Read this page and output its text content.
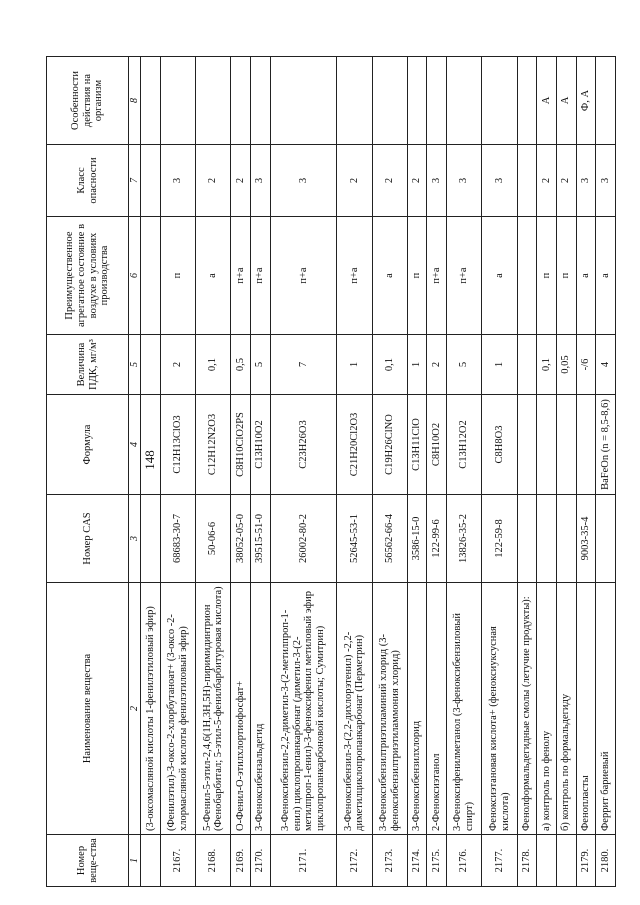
148
Номер веще-ства	Наименование вещества	Номер CAS	Формула	Величина ПДК, мг/м³	Преимущественное агрегатное состояние в воздухе в условиях производства	Класс опасности	Особенности действия на организм
1	2	3	4	5	6	7	8
	(3-оксомасляной кислоты 1-фенилэтиловый эфир)						
2167.	(Фенилэтил)-3-оксо-2-хлорбутаноат+ (3-оксо -2- хлормасляной кислоты фенилэтиловый эфир)	68683-30-7	C12H13ClO3	2	п	3	
2168.	5-Фенил-5-этил-2,4,6(1Н,3Н,5Н)-пиримидинтрион (Фенобарбитал; 5-этил-5-фенилбарбитуровая кислота)	50-06-6	C12H12N2O3	0,1	а	2	
2169.	О-Фенил-О-этилхлортиофосфат+	38052-05-0	C8H10ClO2PS	0,5	п+а	2	
2170.	3-Феноксибензальдегид	39515-51-0	C13H10O2	5	п+а	3	
2171.	3-Феноксибензил-2,2-диметил-3-(2-метилпроп-1-енил) циклопропанкарбонат (диметил-3-(2-метилпроп-1-енил)-3-феноксифенил метиловый эфир циклопропанкарбоновой кислоты; Сумитрин)	26002-80-2	C23H26O3	7	п+а	3	
2172.	3-Феноксибензил-3-(2,2-дихлорэтенил) -2,2-диметилциклопропанкарбонат (Перметрин)	52645-53-1	C21H20Cl2O3	1	п+а	2	
2173.	3-Феноксибензилтриэтиламиний хлорид (3-феноксибензилтриэтиламмония хлорид)	56562-66-4	C19H26ClNO	0,1	а	2	
2174.	3-Феноксибензилхлорид	3586-15-0	C13H11ClO	1	п	2	
2175.	2-Феноксиэтанол	122-99-6	C8H10O2	2	п+а	3	
2176.	3-Феноксифенилметанол (3-феноксибензиловый спирт)	13826-35-2	C13H12O2	5	п+а	3	
2177.	Феноксиэтановая кислота+ (феноксиуксусная кислота)	122-59-8	C8H8O3	1	а	3	
2178.	Фенолформальдегидные смолы (летучие продукты):						
	а) контроль по фенолу			0,1	п	2	А
	б) контроль по формальдегиду			0,05	п	2	А
2179.	Фенопласты	9003-35-4		-/6	а	3	Ф, А
2180.	Феррит бариевый		BaFeOn (n = 8,5-8,6)	4	а	3	
